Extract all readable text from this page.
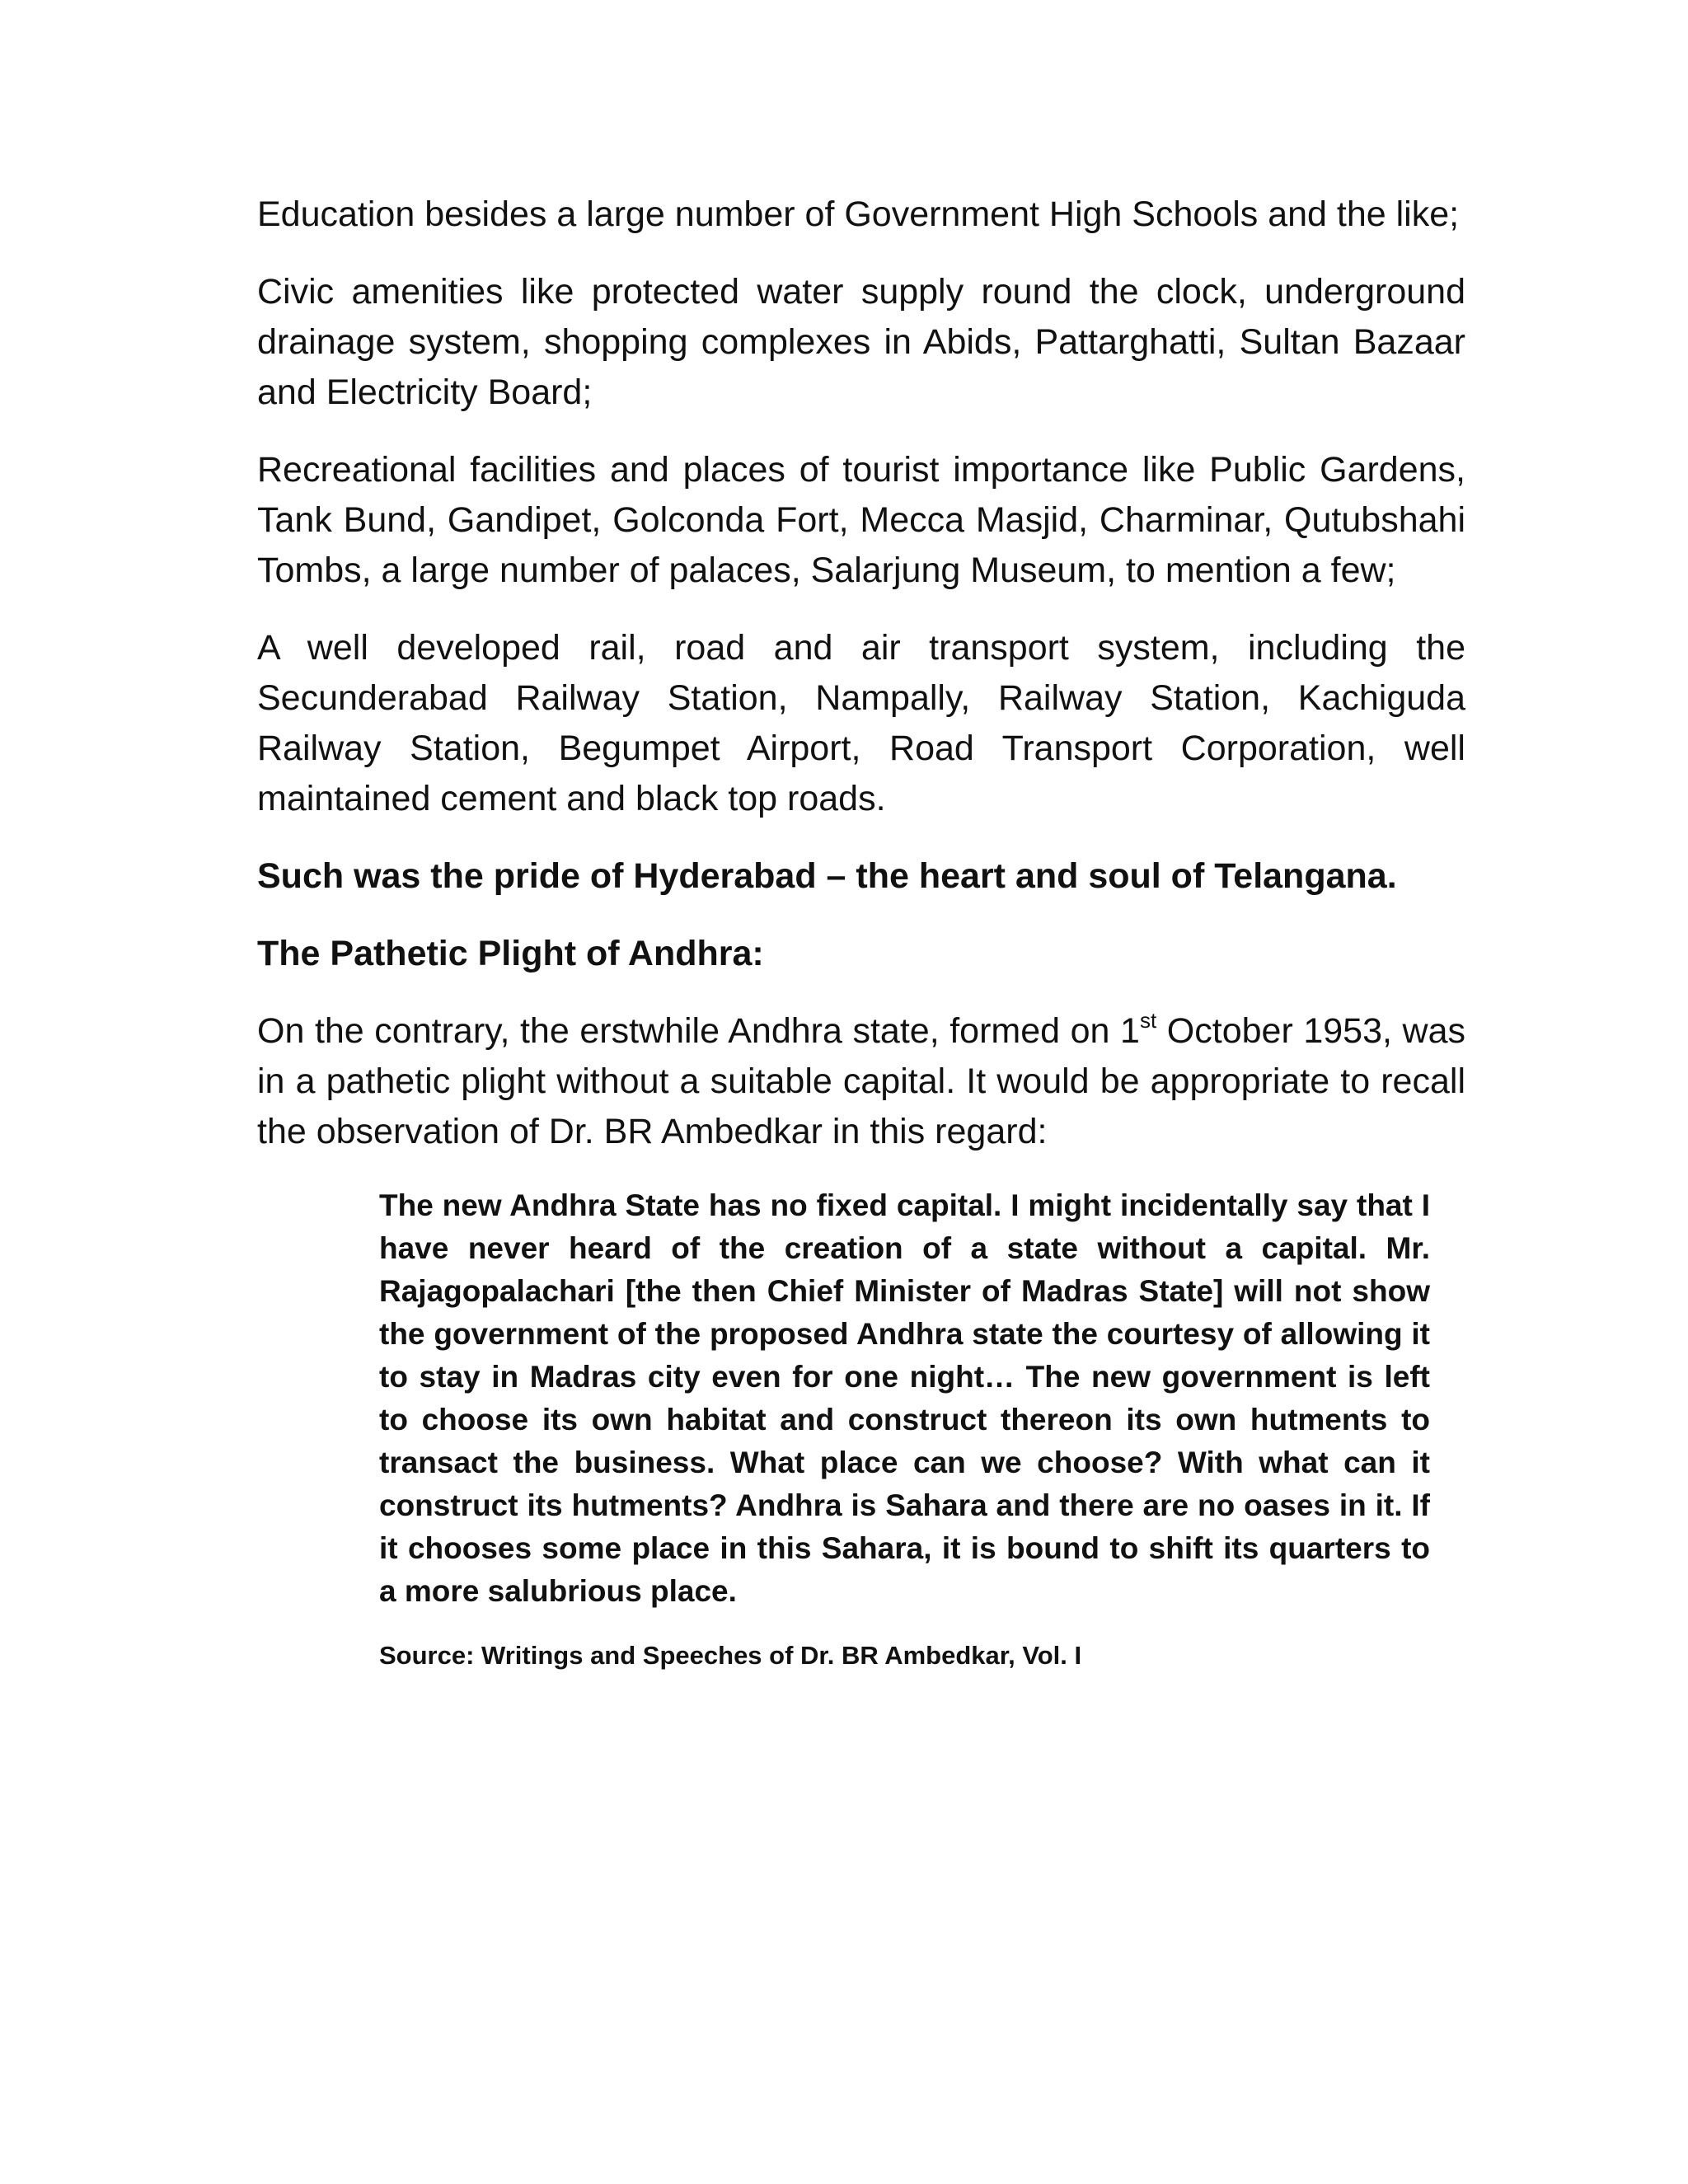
Education besides a large number of Government High Schools and the like;

Civic amenities like protected water supply round the clock, underground drainage system, shopping complexes in Abids, Pattarghatti, Sultan Bazaar and Electricity Board;

Recreational facilities and places of tourist importance like Public Gardens, Tank Bund, Gandipet, Golconda Fort, Mecca Masjid, Charminar, Qutubshahi Tombs, a large number of palaces, Salarjung Museum, to mention a few;

A well developed rail, road and air transport system, including the Secunderabad Railway Station, Nampally, Railway Station, Kachiguda Railway Station, Begumpet Airport, Road Transport Corporation, well maintained cement and black top roads.

Such was the pride of Hyderabad – the heart and soul of Telangana.

The Pathetic Plight of Andhra:

On the contrary, the erstwhile Andhra state, formed on 1st October 1953, was in a pathetic plight without a suitable capital. It would be appropriate to recall the observation of Dr. BR Ambedkar in this regard:

The new Andhra State has no fixed capital. I might incidentally say that I have never heard of the creation of a state without a capital. Mr. Rajagopalachari [the then Chief Minister of Madras State] will not show the government of the proposed Andhra state the courtesy of allowing it to stay in Madras city even for one night… The new government is left to choose its own habitat and construct thereon its own hutments to transact the business. What place can we choose? With what can it construct its hutments? Andhra is Sahara and there are no oases in it. If it chooses some place in this Sahara, it is bound to shift its quarters to a more salubrious place.

Source: Writings and Speeches of Dr. BR Ambedkar, Vol. I
